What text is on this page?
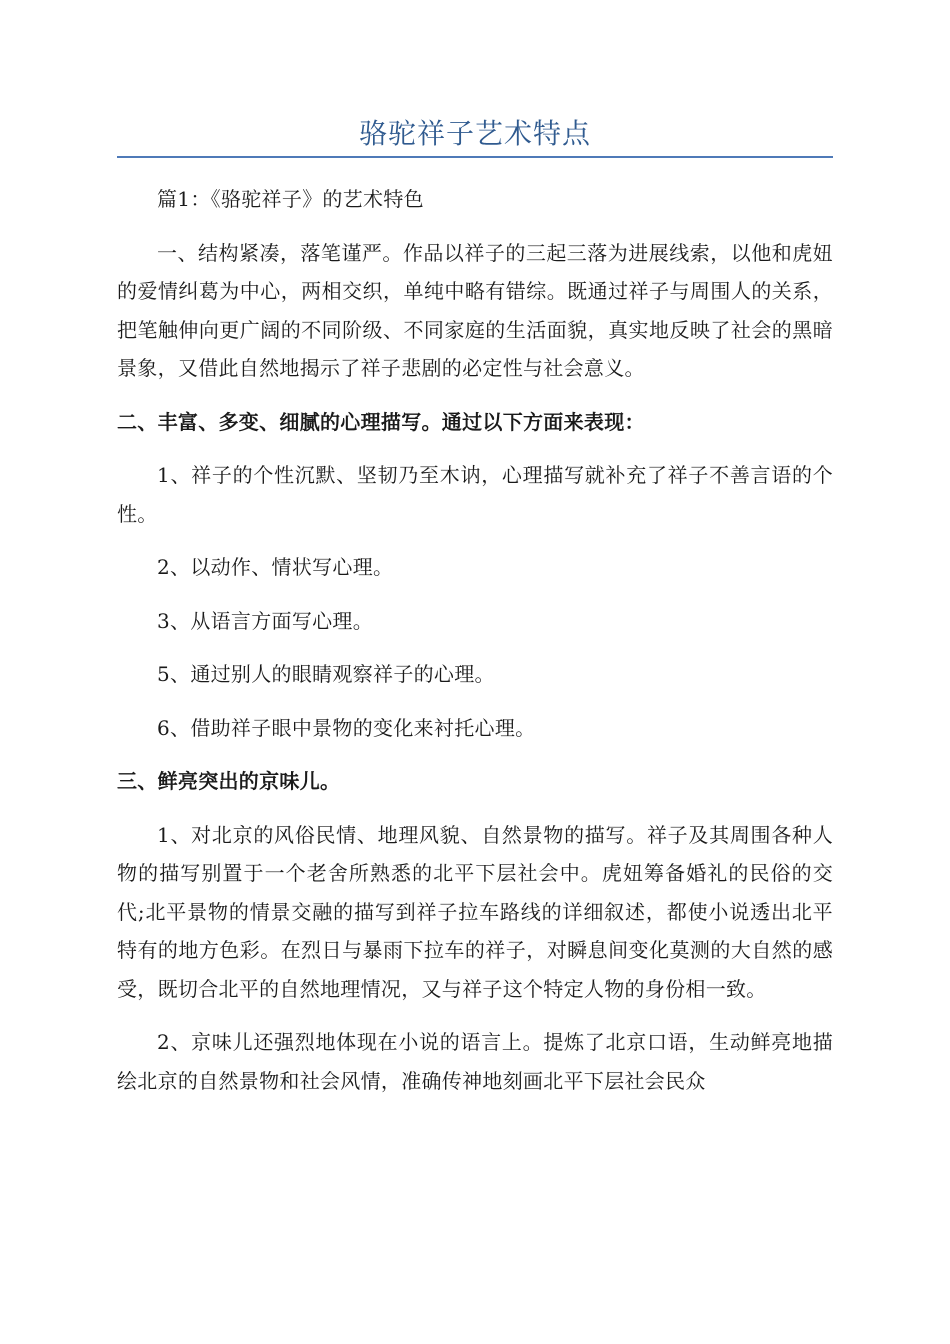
骆驼祥子艺术特点

篇1：《骆驼祥子》的艺术特色

一、结构紧凑，落笔谨严。作品以祥子的三起三落为进展线索，以他和虎妞的爱情纠葛为中心，两相交织，单纯中略有错综。既通过祥子与周围人的关系，把笔触伸向更广阔的不同阶级、不同家庭的生活面貌，真实地反映了社会的黑暗景象，又借此自然地揭示了祥子悲剧的必定性与社会意义。

二、丰富、多变、细腻的心理描写。通过以下方面来表现：

1、祥子的个性沉默、坚韧乃至木讷，心理描写就补充了祥子不善言语的个性。

2、以动作、情状写心理。

3、从语言方面写心理。

5、通过别人的眼睛观察祥子的心理。

6、借助祥子眼中景物的变化来衬托心理。

三、鲜亮突出的京味儿。

1、对北京的风俗民情、地理风貌、自然景物的描写。祥子及其周围各种人物的描写别置于一个老舍所熟悉的北平下层社会中。虎妞筹备婚礼的民俗的交代;北平景物的情景交融的描写到祥子拉车路线的详细叙述，都使小说透出北平特有的地方色彩。在烈日与暴雨下拉车的祥子，对瞬息间变化莫测的大自然的感受，既切合北平的自然地理情况，又与祥子这个特定人物的身份相一致。

2、京味儿还强烈地体现在小说的语言上。提炼了北京口语，生动鲜亮地描绘北京的自然景物和社会风情，准确传神地刻画北平下层社会民众
